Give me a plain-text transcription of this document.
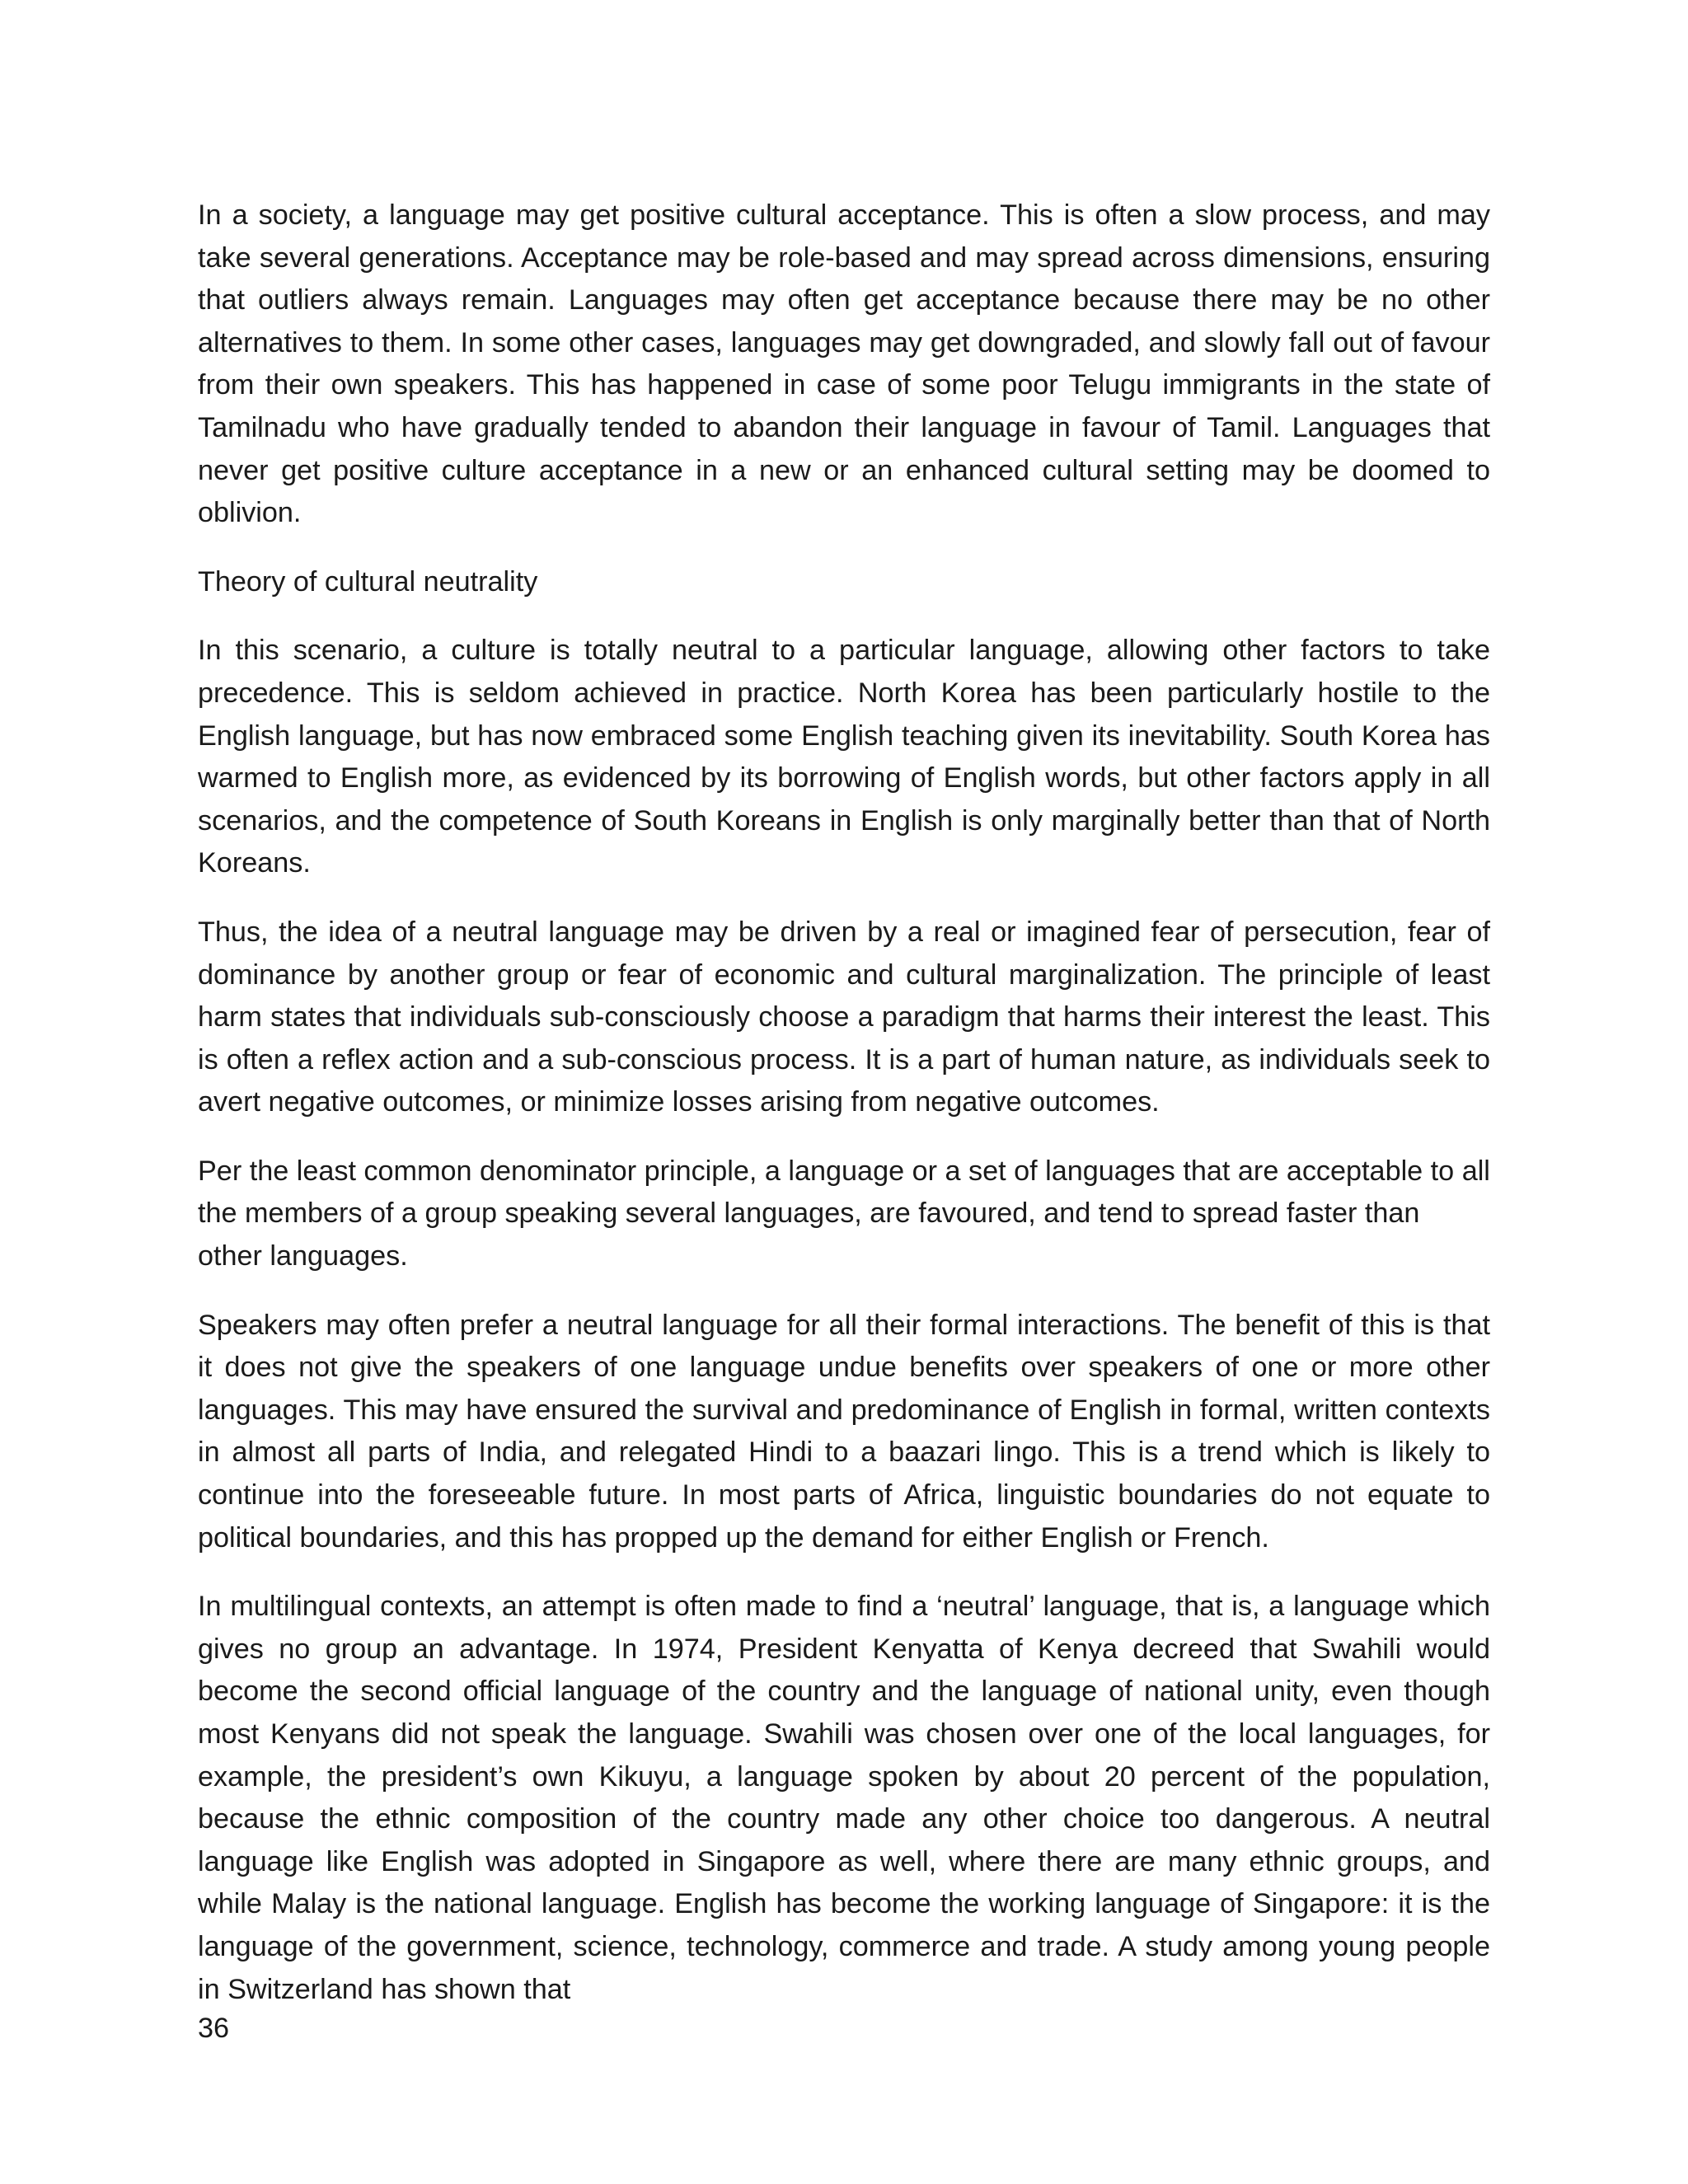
In a society, a language may get positive cultural acceptance. This is often a slow process, and may take several generations. Acceptance may be role-based and may spread across dimensions, ensuring that outliers always remain. Languages may often get acceptance because there may be no other alternatives to them. In some other cases, languages may get downgraded, and slowly fall out of favour from their own speakers. This has happened in case of some poor Telugu immigrants in the state of Tamilnadu who have gradually tended to abandon their language in favour of Tamil. Languages that never get positive culture acceptance in a new or an enhanced cultural setting may be doomed to oblivion.

Theory of cultural neutrality

In this scenario, a culture is totally neutral to a particular language, allowing other factors to take precedence. This is seldom achieved in practice. North Korea has been particularly hostile to the English language, but has now embraced some English teaching given its inevitability. South Korea has warmed to English more, as evidenced by its borrowing of English words, but other factors apply in all scenarios, and the competence of South Koreans in English is only marginally better than that of North Koreans.

Thus, the idea of a neutral language may be driven by a real or imagined fear of persecution, fear of dominance by another group or fear of economic and cultural marginalization. The principle of least harm states that individuals sub-consciously choose a paradigm that harms their interest the least. This is often a reflex action and a sub-conscious process. It is a part of human nature, as individuals seek to avert negative outcomes, or minimize losses arising from negative outcomes.

Per the least common denominator principle, a language or a set of languages that are acceptable to all the members of a group speaking several languages, are favoured, and tend to spread faster than other languages.

Speakers may often prefer a neutral language for all their formal interactions. The benefit of this is that it does not give the speakers of one language undue benefits over speakers of one or more other languages. This may have ensured the survival and predominance of English in formal, written contexts in almost all parts of India, and relegated Hindi to a baazari lingo. This is a trend which is likely to continue into the foreseeable future. In most parts of Africa, linguistic boundaries do not equate to political boundaries, and this has propped up the demand for either English or French.

In multilingual contexts, an attempt is often made to find a ‘neutral’ language, that is, a language which gives no group an advantage. In 1974, President Kenyatta of Kenya decreed that Swahili would become the second official language of the country and the language of national unity, even though most Kenyans did not speak the language. Swahili was chosen over one of the local languages, for example, the president’s own Kikuyu, a language spoken by about 20 percent of the population, because the ethnic composition of the country made any other choice too dangerous. A neutral language like English was adopted in Singapore as well, where there are many ethnic groups, and while Malay is the national language. English has become the working language of Singapore: it is the language of the government, science, technology, commerce and trade. A study among young people in Switzerland has shown that

36
